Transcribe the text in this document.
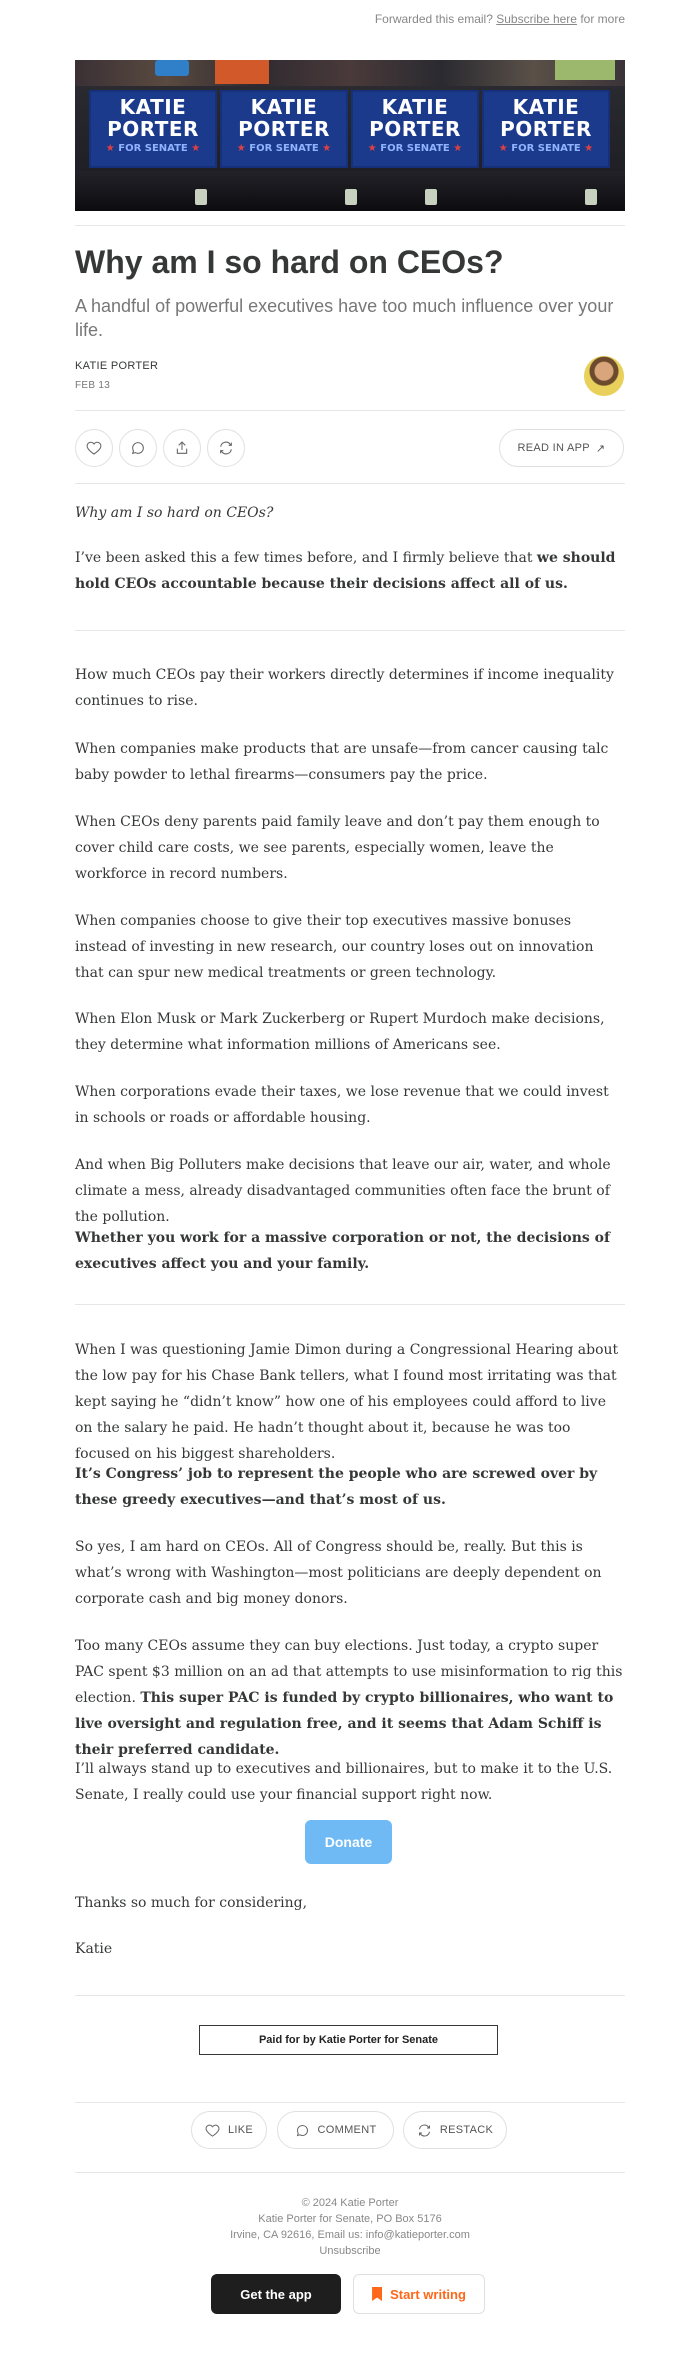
Forwarded this email? Subscribe here for more
KATIE
PORTER
★ FOR SENATE ★
KATIE
PORTER
★ FOR SENATE ★
KATIE
PORTER
★ FOR SENATE ★
KATIE
PORTER
★ FOR SENATE ★
Why am I so hard on CEOs?
A handful of powerful executives have too much influence over your life.
KATIE PORTER
FEB 13
READ IN APP ↗
Why am I so hard on CEOs?
I’ve been asked this a few times before, and I firmly believe that we should hold CEOs accountable because their decisions affect all of us.
How much CEOs pay their workers directly determines if income inequality continues to rise.
When companies make products that are unsafe—from cancer causing talc baby powder to lethal firearms—consumers pay the price.
When CEOs deny parents paid family leave and don’t pay them enough to cover child care costs, we see parents, especially women, leave the workforce in record numbers.
When companies choose to give their top executives massive bonuses instead of investing in new research, our country loses out on innovation that can spur new medical treatments or green technology.
When Elon Musk or Mark Zuckerberg or Rupert Murdoch make decisions, they determine what information millions of Americans see.
When corporations evade their taxes, we lose revenue that we could invest in schools or roads or affordable housing.
And when Big Polluters make decisions that leave our air, water, and whole climate a mess, already disadvantaged communities often face the brunt of the pollution.
Whether you work for a massive corporation or not, the decisions of executives affect you and your family.
When I was questioning Jamie Dimon during a Congressional Hearing about the low pay for his Chase Bank tellers, what I found most irritating was that kept saying he “didn’t know” how one of his employees could afford to live on the salary he paid. He hadn’t thought about it, because he was too focused on his biggest shareholders.
It’s Congress’ job to represent the people who are screwed over by these greedy executives—and that’s most of us.
So yes, I am hard on CEOs. All of Congress should be, really. But this is what’s wrong with Washington—most politicians are deeply dependent on corporate cash and big money donors.
Too many CEOs assume they can buy elections. Just today, a crypto super PAC spent $3 million on an ad that attempts to use misinformation to rig this election. This super PAC is funded by crypto billionaires, who want to live oversight and regulation free, and it seems that Adam Schiff is their preferred candidate.
I’ll always stand up to executives and billionaires, but to make it to the U.S. Senate, I really could use your financial support right now.
Donate
Thanks so much for considering,
Katie
Paid for by Katie Porter for Senate
LIKE	COMMENT	RESTACK
© 2024 Katie Porter
Katie Porter for Senate, PO Box 5176
Irvine, CA 92616, Email us: info@katieporter.com
Unsubscribe
Get the app	Start writing
